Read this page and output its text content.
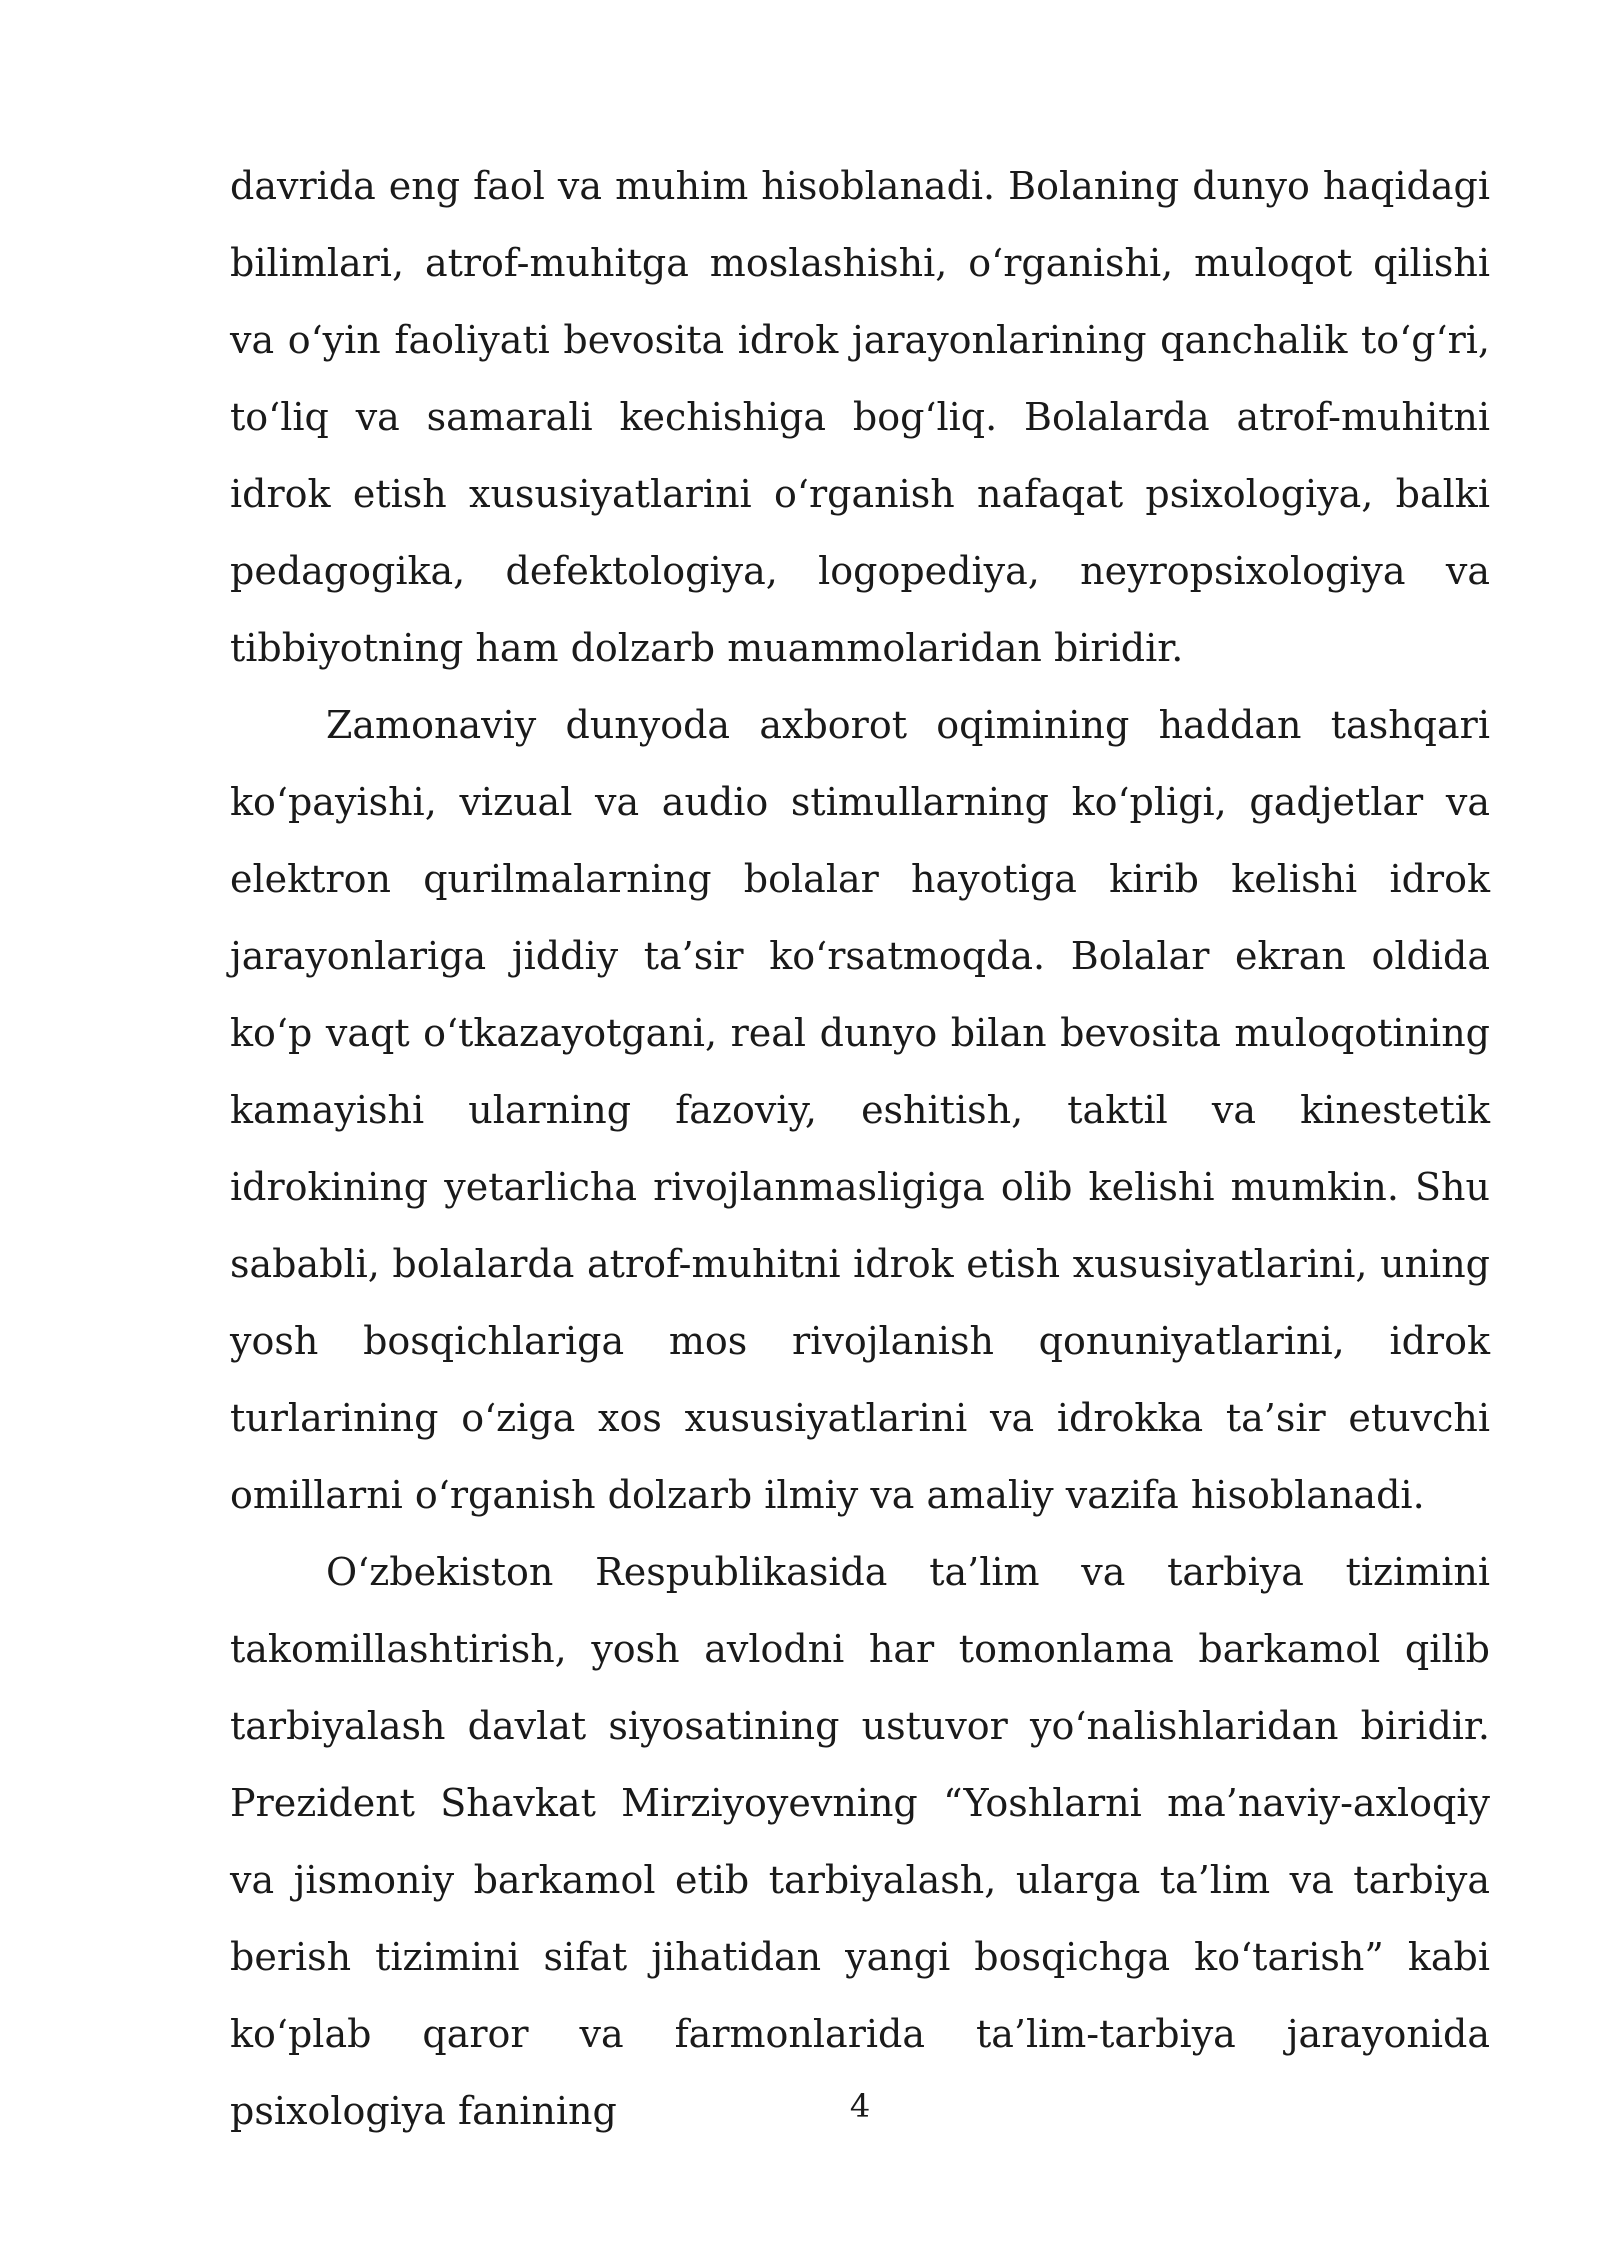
davrida eng faol va muhim hisoblanadi. Bolaning dunyo haqidagi bilimlari, atrof-muhitga moslashishi, o‘rganishi, muloqot qilishi va o‘yin faoliyati bevosita idrok jarayonlarining qanchalik to‘g‘ri, to‘liq va samarali kechishiga bog‘liq. Bolalarda atrof-muhitni idrok etish xususiyatlarini o‘rganish nafaqat psixologiya, balki pedagogika, defektologiya, logopediya, neyropsixologiya va tibbiyotning ham dolzarb muammolaridan biridir.

Zamonaviy dunyoda axborot oqimining haddan tashqari ko‘payishi, vizual va audio stimullarning ko‘pligi, gadjetlar va elektron qurilmalarning bolalar hayotiga kirib kelishi idrok jarayonlariga jiddiy ta’sir ko‘rsatmoqda. Bolalar ekran oldida ko‘p vaqt o‘tkazayotgani, real dunyo bilan bevosita muloqotining kamayishi ularning fazoviy, eshitish, taktil va kinestetik idrokining yetarlicha rivojlanmasligiga olib kelishi mumkin. Shu sababli, bolalarda atrof-muhitni idrok etish xususiyatlarini, uning yosh bosqichlariga mos rivojlanish qonuniyatlarini, idrok turlarining o‘ziga xos xususiyatlarini va idrokka ta’sir etuvchi omillarni o‘rganish dolzarb ilmiy va amaliy vazifa hisoblanadi.

O‘zbekiston Respublikasida ta’lim va tarbiya tizimini takomillashtirish, yosh avlodni har tomonlama barkamol qilib tarbiyalash davlat siyosatining ustuvor yo‘nalishlaridan biridir. Prezident Shavkat Mirziyoyevning “Yoshlarni ma’naviy-axloqiy va jismoniy barkamol etib tarbiyalash, ularga ta’lim va tarbiya berish tizimini sifat jihatidan yangi bosqichga ko‘tarish” kabi ko‘plab qaror va farmonlarida ta’lim-tarbiya jarayonida psixologiya fanining	4
